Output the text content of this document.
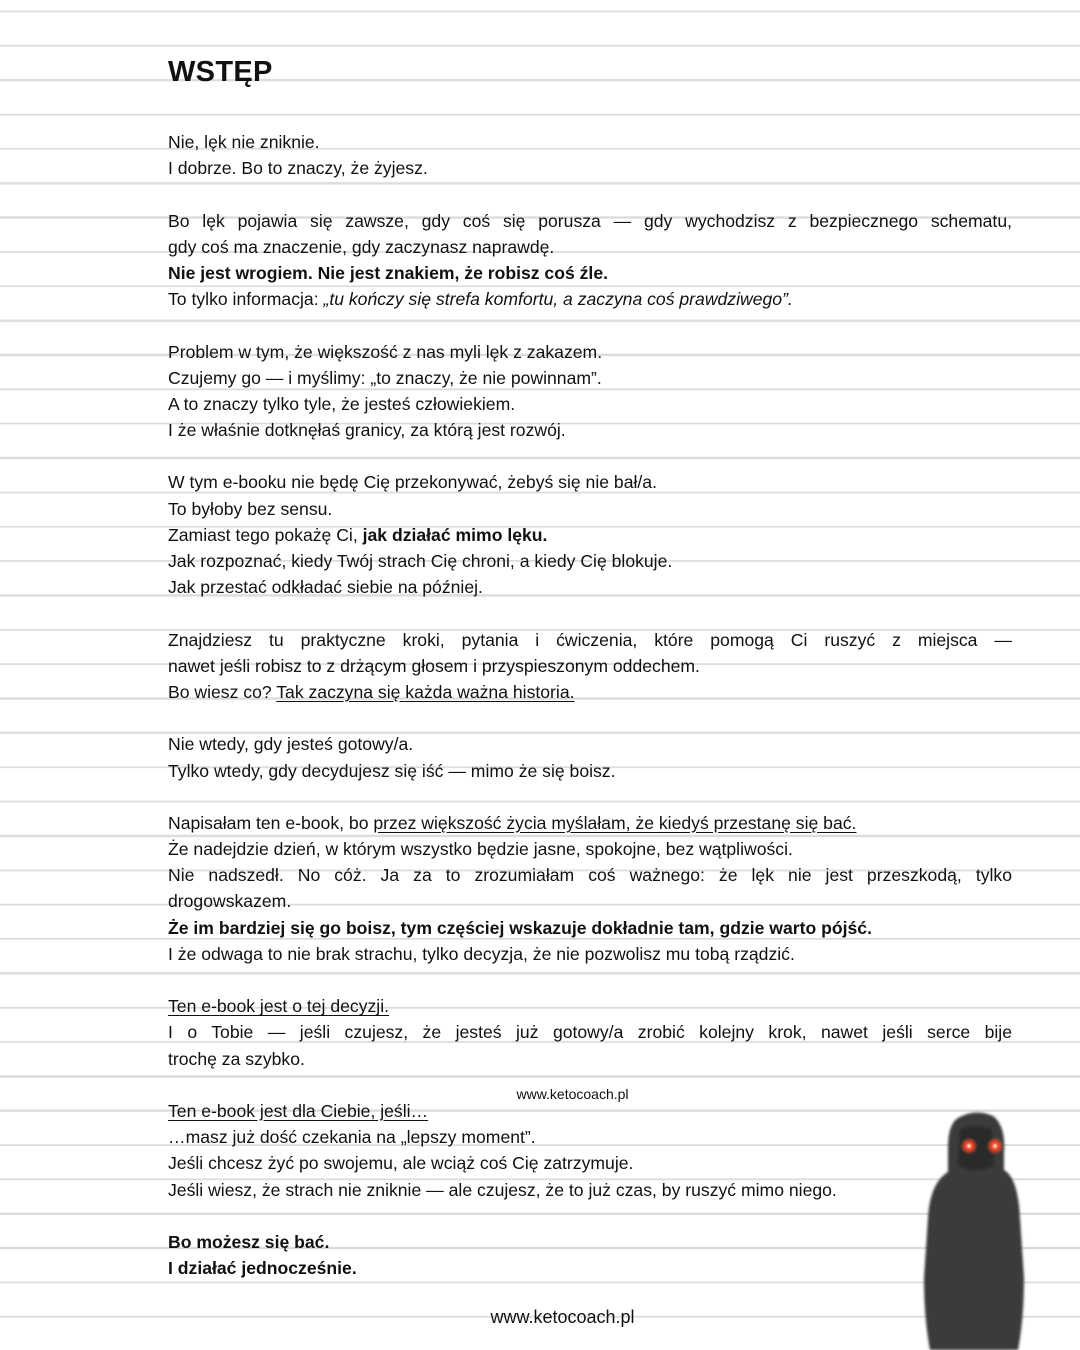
WSTĘP
Nie, lęk nie zniknie.
I dobrze. Bo to znaczy, że żyjesz.
Bo lęk pojawia się zawsze, gdy coś się porusza — gdy wychodzisz z bezpiecznego schematu,
gdy coś ma znaczenie, gdy zaczynasz naprawdę.
Nie jest wrogiem. Nie jest znakiem, że robisz coś źle.
To tylko informacja: „tu kończy się strefa komfortu, a zaczyna coś prawdziwego”.
Problem w tym, że większość z nas myli lęk z zakazem.
Czujemy go — i myślimy: „to znaczy, że nie powinnam”.
A to znaczy tylko tyle, że jesteś człowiekiem.
I że właśnie dotknęłaś granicy, za którą jest rozwój.
W tym e-booku nie będę Cię przekonywać, żebyś się nie bał/a.
To byłoby bez sensu.
Zamiast tego pokażę Ci, jak działać mimo lęku.
Jak rozpoznać, kiedy Twój strach Cię chroni, a kiedy Cię blokuje.
Jak przestać odkładać siebie na później.
Znajdziesz tu praktyczne kroki, pytania i ćwiczenia, które pomogą Ci ruszyć z miejsca —
nawet jeśli robisz to z drżącym głosem i przyspieszonym oddechem.
Bo wiesz co? Tak zaczyna się każda ważna historia.
Nie wtedy, gdy jesteś gotowy/a.
Tylko wtedy, gdy decydujesz się iść — mimo że się boisz.
Napisałam ten e-book, bo przez większość życia myślałam, że kiedyś przestanę się bać.
Że nadejdzie dzień, w którym wszystko będzie jasne, spokojne, bez wątpliwości.
Nie nadszedł. No cóż. Ja za to zrozumiałam coś ważnego: że lęk nie jest przeszkodą, tylko
drogowskazem.
Że im bardziej się go boisz, tym częściej wskazuje dokładnie tam, gdzie warto pójść.
I że odwaga to nie brak strachu, tylko decyzja, że nie pozwolisz mu tobą rządzić.
Ten e-book jest o tej decyzji.
I o Tobie — jeśli czujesz, że jesteś już gotowy/a zrobić kolejny krok, nawet jeśli serce bije
trochę za szybko.
Ten e-book jest dla Ciebie, jeśli…
…masz już dość czekania na „lepszy moment”.
Jeśli chcesz żyć po swojemu, ale wciąż coś Cię zatrzymuje.
Jeśli wiesz, że strach nie zniknie — ale czujesz, że to już czas, by ruszyć mimo niego.
Bo możesz się bać.
I działać jednocześnie.
www.ketocoach.pl
www.ketocoach.pl
